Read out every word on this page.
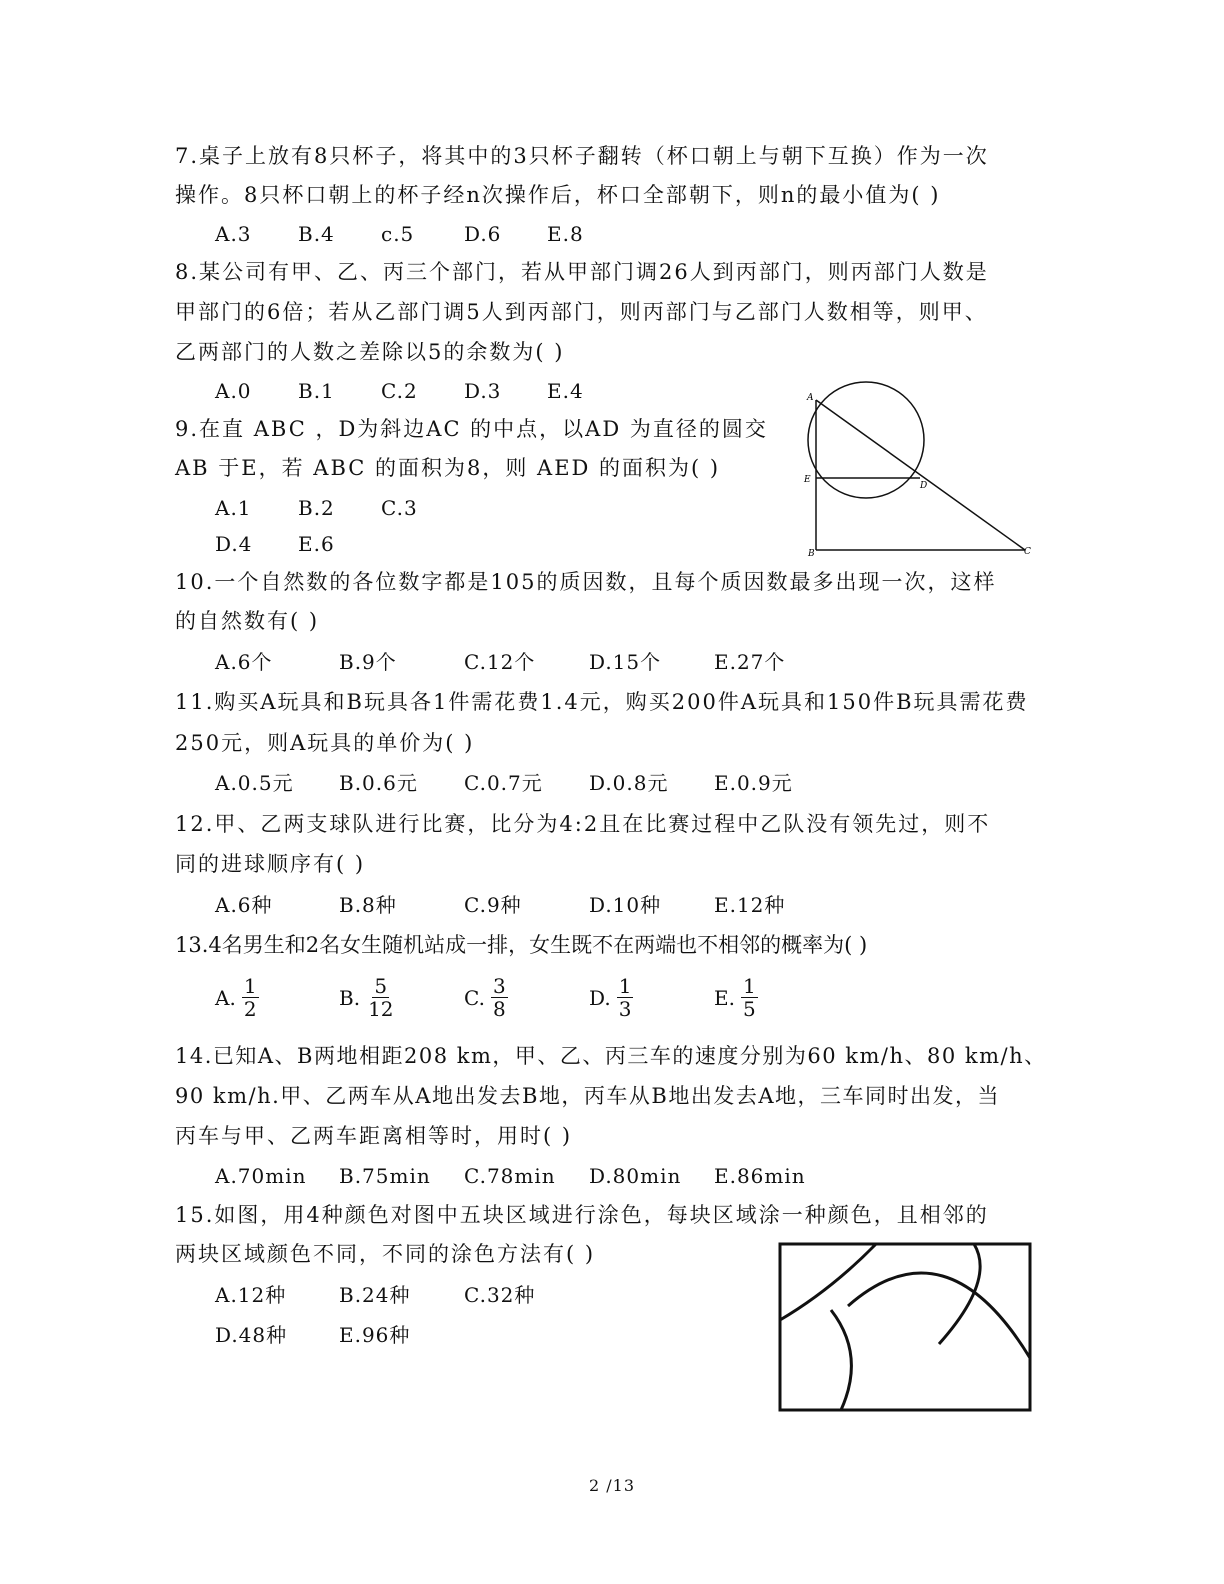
7.桌子上放有8只杯子，将其中的3只杯子翻转（杯口朝上与朝下互换）作为一次
操作。8只杯口朝上的杯子经n次操作后，杯口全部朝下，则n的最小值为( )
A.3 B.4 c.5 D.6 E.8
8.某公司有甲、乙、丙三个部门，若从甲部门调26人到丙部门，则丙部门人数是
甲部门的6倍；若从乙部门调5人到丙部门，则丙部门与乙部门人数相等，则甲、
乙两部门的人数之差除以5的余数为( )
A.0 B.1 C.2 D.3 E.4
9.在直 ABC ，D为斜边AC 的中点，以AD 为直径的圆交
AB 于E，若 ABC 的面积为8，则 AED 的面积为( )
A.1 B.2 C.3
D.4 E.6
A
E
D
B	C
10.一个自然数的各位数字都是105的质因数，且每个质因数最多出现一次，这样
的自然数有( )
A.6个	B.9个	C.12个	D.15个	E.27个
11.购买A玩具和B玩具各1件需花费1.4元，购买200件A玩具和150件B玩具需花费
250元，则A玩具的单价为( )
A.0.5元 B.0.6元 C.0.7元 D.0.8元 E.0.9元
12.甲、乙两支球队进行比赛，比分为4:2且在比赛过程中乙队没有领先过，则不
同的进球顺序有( )
A.6种	B.8种	C.9种	D.10种	E.12种
13.4名男生和2名女生随机站成一排，女生既不在两端也不相邻的概率为( )
A. $\frac{1}{2}$	B. $\frac{5}{12}$	C. $\frac{3}{8}$	D. $\frac{1}{3}$	E. $\frac{1}{5}$
14.已知A、B两地相距208 km，甲、乙、丙三车的速度分别为60 km/h、80 km/h、
90 km/h.甲、乙两车从A地出发去B地，丙车从B地出发去A地，三车同时出发，当
丙车与甲、乙两车距离相等时，用时( )
A.70min B.75min C.78min D.80min E.86min
15.如图，用4种颜色对图中五块区域进行涂色，每块区域涂一种颜色，且相邻的
两块区域颜色不同，不同的涂色方法有( )
A.12种	B.24种	C.32种
D.48种	E.96种
2 /13
